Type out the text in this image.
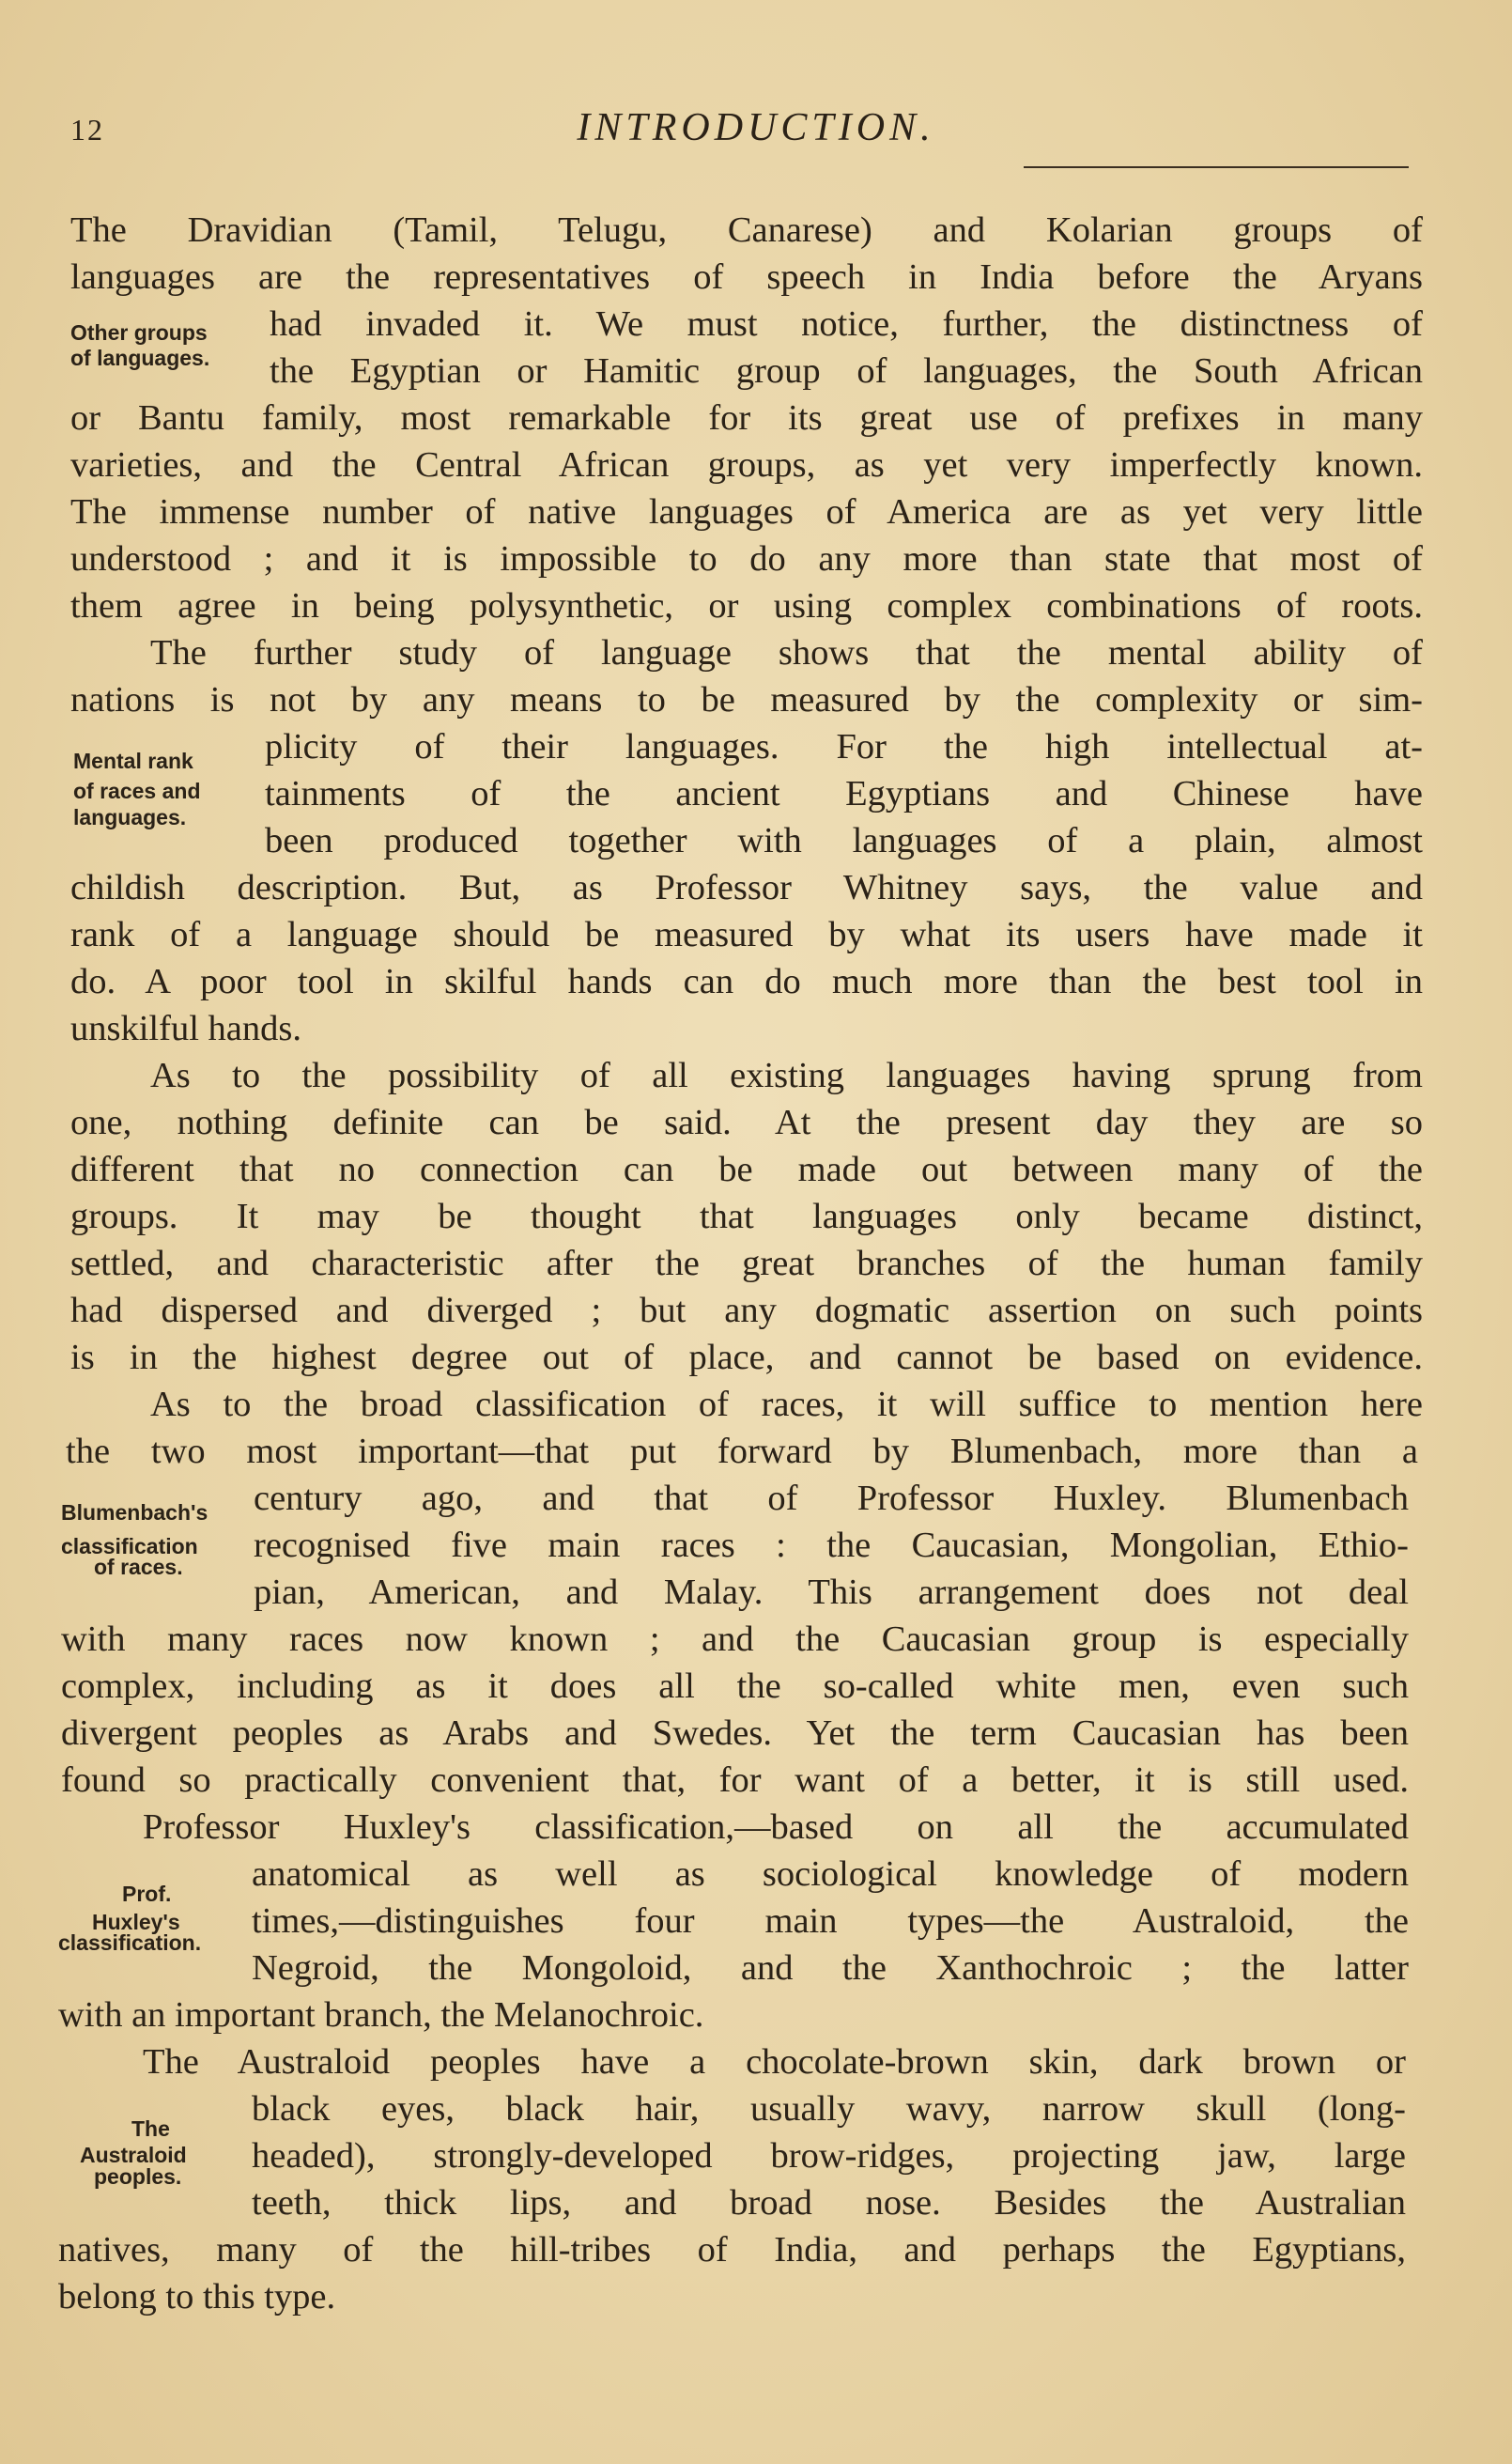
12	INTRODUCTION.
The Dravidian (Tamil, Telugu, Canarese) and Kolarian groups of
languages are the representatives of speech in India before the Aryans
had invaded it. We must notice, further, the distinctness of
the Egyptian or Hamitic group of languages, the South African
or Bantu family, most remarkable for its great use of prefixes in many
varieties, and the Central African groups, as yet very imperfectly known.
The immense number of native languages of America are as yet very little
understood ; and it is impossible to do any more than state that most of
them agree in being polysynthetic, or using complex combinations of roots.
The further study of language shows that the mental ability of
nations is not by any means to be measured by the complexity or sim-
plicity of their languages. For the high intellectual at-
tainments of the ancient Egyptians and Chinese have
been produced together with languages of a plain, almost
childish description. But, as Professor Whitney says, the value and
rank of a language should be measured by what its users have made it
do. A poor tool in skilful hands can do much more than the best tool in
unskilful hands.
As to the possibility of all existing languages having sprung from
one, nothing definite can be said. At the present day they are so
different that no connection can be made out between many of the
groups. It may be thought that languages only became distinct,
settled, and characteristic after the great branches of the human family
had dispersed and diverged ; but any dogmatic assertion on such points
is in the highest degree out of place, and cannot be based on evidence.
As to the broad classification of races, it will suffice to mention here
the two most important—that put forward by Blumenbach, more than a
century ago, and that of Professor Huxley. Blumenbach
recognised five main races : the Caucasian, Mongolian, Ethio-
pian, American, and Malay. This arrangement does not deal
with many races now known ; and the Caucasian group is especially
complex, including as it does all the so-called white men, even such
divergent peoples as Arabs and Swedes. Yet the term Caucasian has been
found so practically convenient that, for want of a better, it is still used.
Professor Huxley's classification,—based on all the accumulated
anatomical as well as sociological knowledge of modern
times,—distinguishes four main types—the Australoid, the
Negroid, the Mongoloid, and the Xanthochroic ; the latter
with an important branch, the Melanochroic.
The Australoid peoples have a chocolate-brown skin, dark brown or
black eyes, black hair, usually wavy, narrow skull (long-
headed), strongly-developed brow-ridges, projecting jaw, large
teeth, thick lips, and broad nose. Besides the Australian
natives, many of the hill-tribes of India, and perhaps the Egyptians,
belong to this type.
Other groups
of languages.
Mental rank
of races and
languages.
Blumenbach's
classification
of races.
Prof.
Huxley's
classification.
The
Australoid
peoples.
